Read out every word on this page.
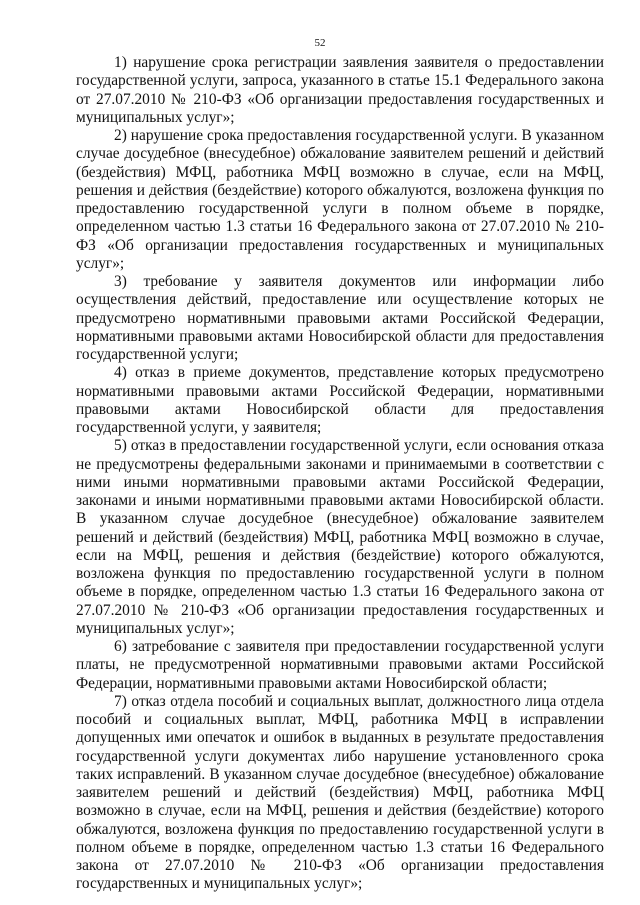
52

1) нарушение срока регистрации заявления заявителя о предоставлении государственной услуги, запроса, указанного в статье 15.1 Федерального закона от 27.07.2010 № 210-ФЗ «Об организации предоставления государственных и муниципальных услуг»;

2) нарушение срока предоставления государственной услуги. В указанном случае досудебное (внесудебное) обжалование заявителем решений и действий (бездействия) МФЦ, работника МФЦ возможно в случае, если на МФЦ, решения и действия (бездействие) которого обжалуются, возложена функция по предоставлению государственной услуги в полном объеме в порядке, определенном частью 1.3 статьи 16 Федерального закона от 27.07.2010 № 210-ФЗ «Об организации предоставления государственных и муниципальных услуг»;

3) требование у заявителя документов или информации либо осуществления действий, предоставление или осуществление которых не предусмотрено нормативными правовыми актами Российской Федерации, нормативными правовыми актами Новосибирской области для предоставления государственной услуги;

4) отказ в приеме документов, представление которых предусмотрено нормативными правовыми актами Российской Федерации, нормативными правовыми актами Новосибирской области для предоставления государственной услуги, у заявителя;

5) отказ в предоставлении государственной услуги, если основания отказа не предусмотрены федеральными законами и принимаемыми в соответствии с ними иными нормативными правовыми актами Российской Федерации, законами и иными нормативными правовыми актами Новосибирской области. В указанном случае досудебное (внесудебное) обжалование заявителем решений и действий (бездействия) МФЦ, работника МФЦ возможно в случае, если на МФЦ, решения и действия (бездействие) которого обжалуются, возложена функция по предоставлению государственной услуги в полном объеме в порядке, определенном частью 1.3 статьи 16 Федерального закона от 27.07.2010 № 210-ФЗ «Об организации предоставления государственных и муниципальных услуг»;

6) затребование с заявителя при предоставлении государственной услуги платы, не предусмотренной нормативными правовыми актами Российской Федерации, нормативными правовыми актами Новосибирской области;

7) отказ отдела пособий и социальных выплат, должностного лица отдела пособий и социальных выплат, МФЦ, работника МФЦ в исправлении допущенных ими опечаток и ошибок в выданных в результате предоставления государственной услуги документах либо нарушение установленного срока таких исправлений. В указанном случае досудебное (внесудебное) обжалование заявителем решений и действий (бездействия) МФЦ, работника МФЦ возможно в случае, если на МФЦ, решения и действия (бездействие) которого обжалуются, возложена функция по предоставлению государственной услуги в полном объеме в порядке, определенном частью 1.3 статьи 16 Федерального закона от 27.07.2010 № 210-ФЗ «Об организации предоставления государственных и муниципальных услуг»;
